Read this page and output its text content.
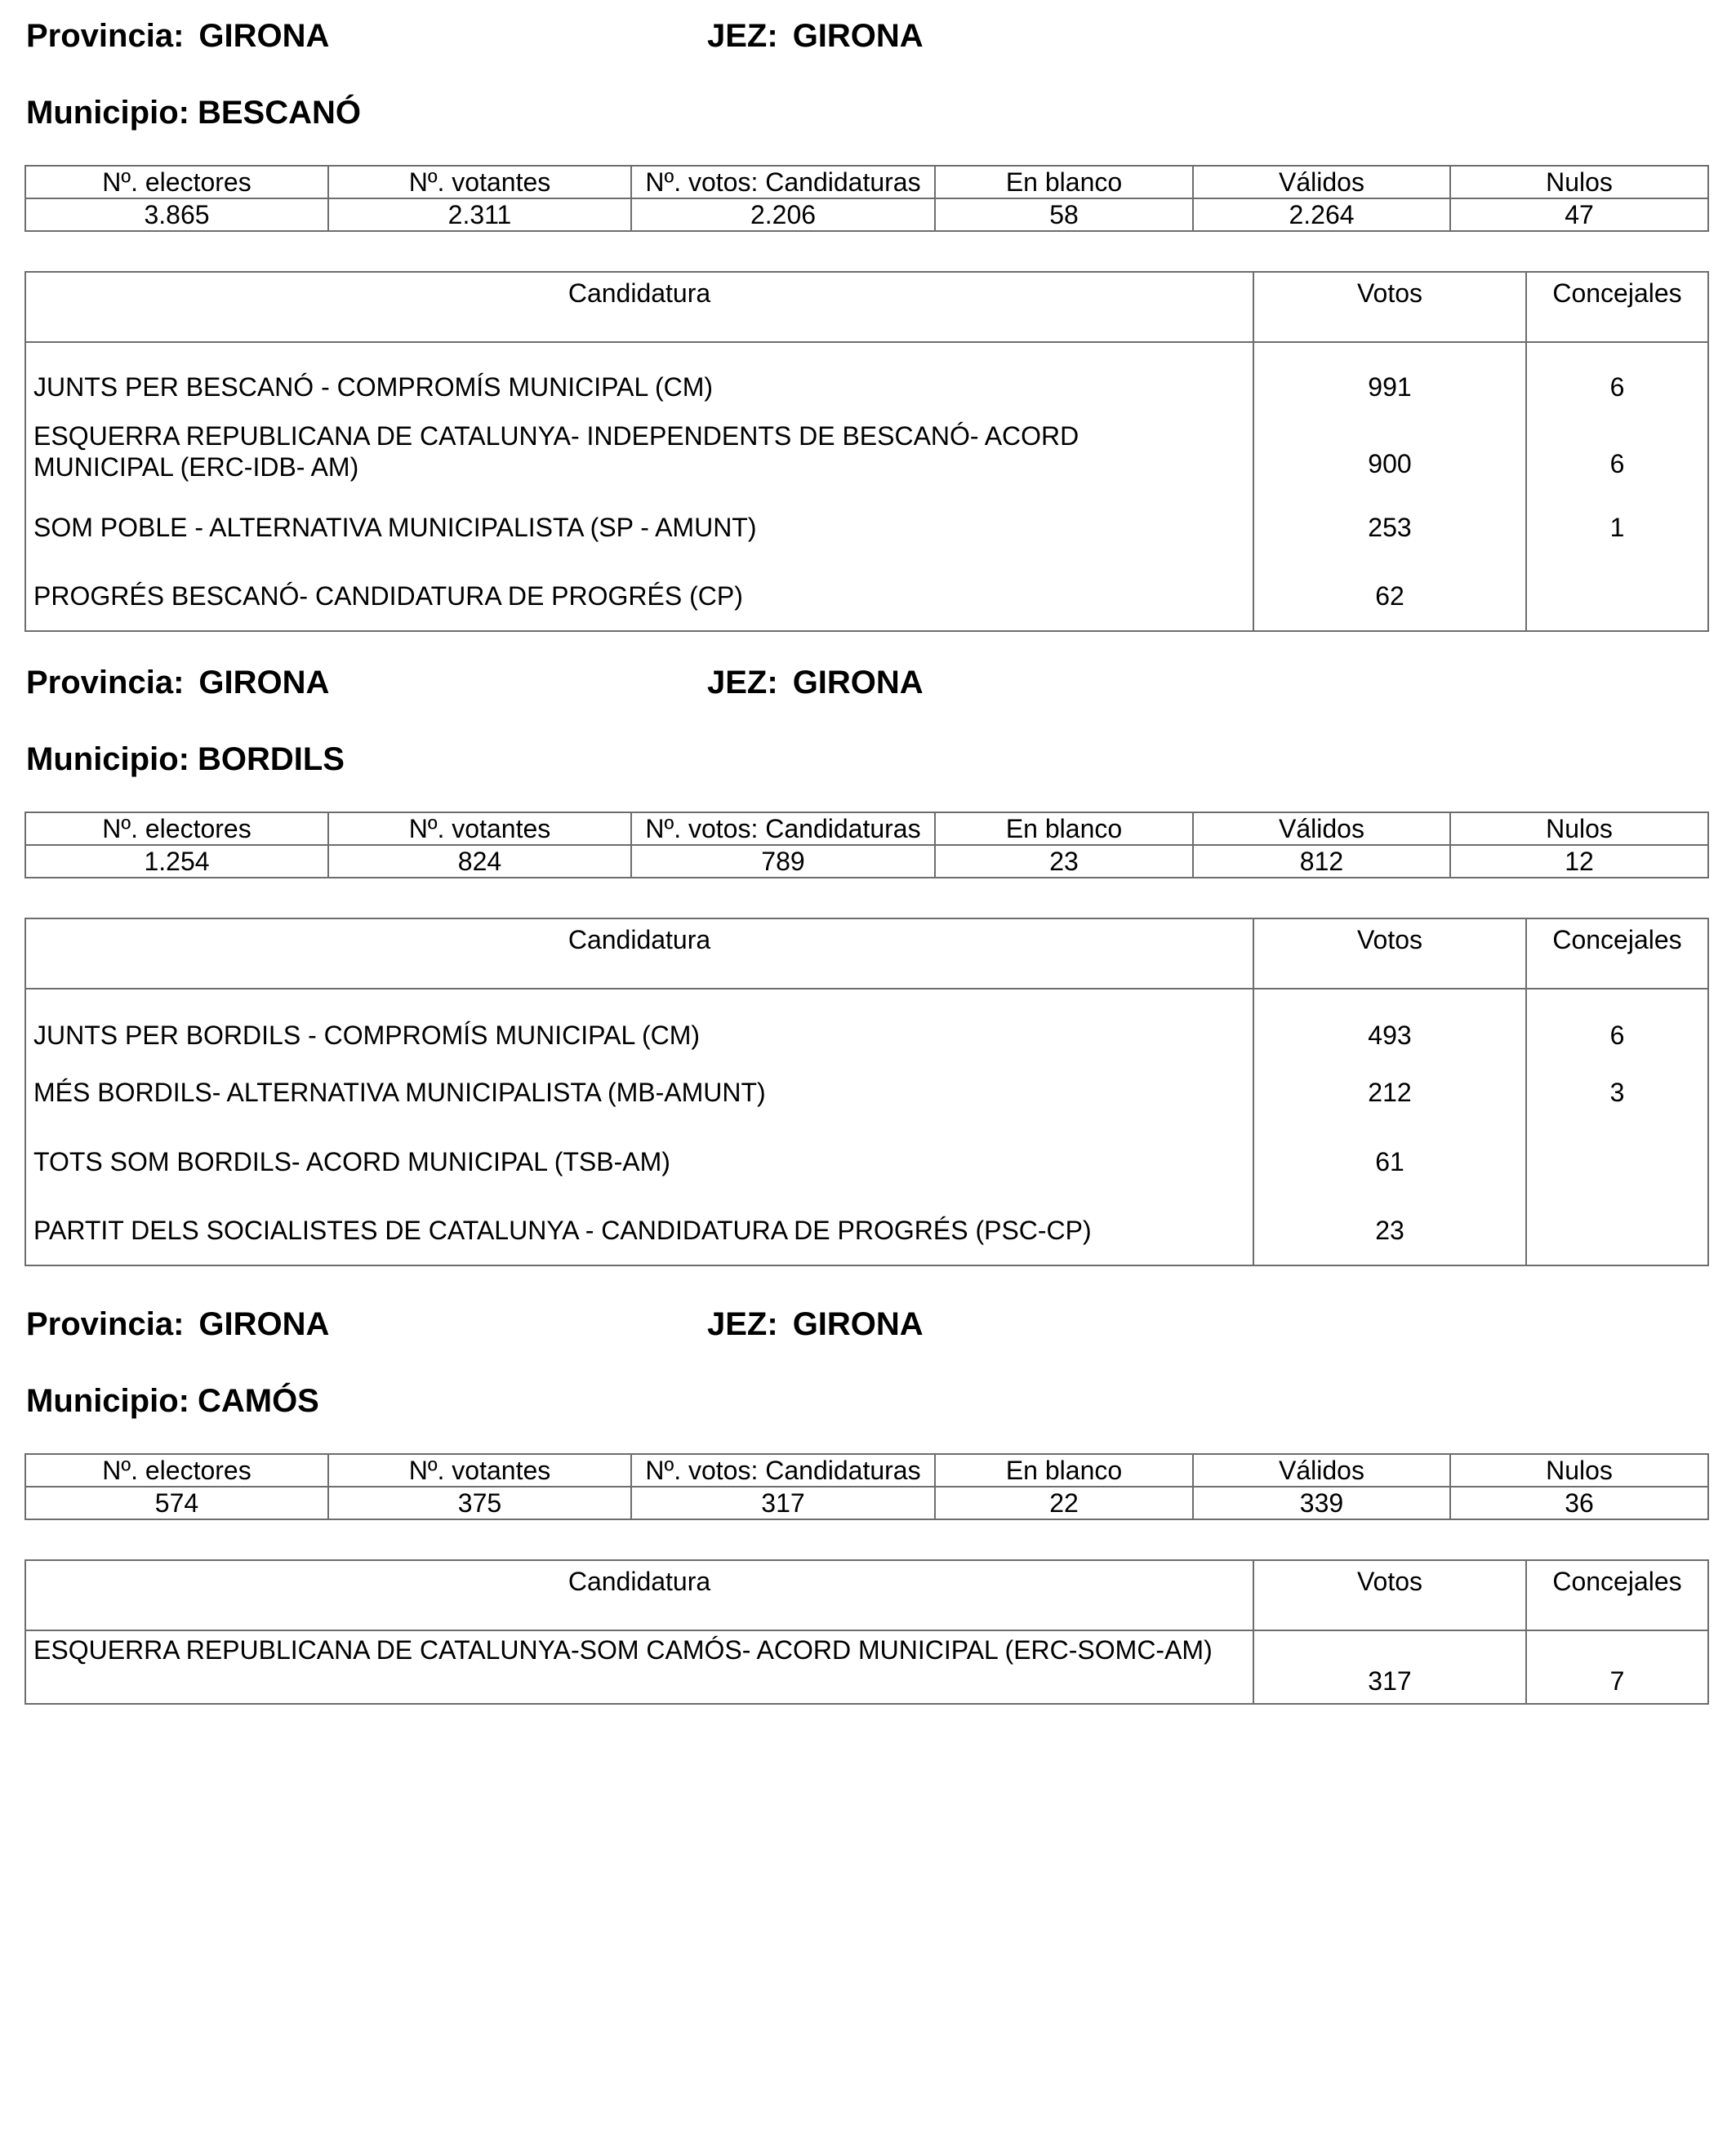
Provincia: GIRONA	JEZ: GIRONA
Municipio: BESCANÓ
Nº. electores	Nº. votantes	Nº. votos: Candidaturas	En blanco	Válidos	Nulos
3.865	2.311	2.206	58	2.264	47
Candidatura	Votos	Concejales
JUNTS PER BESCANÓ - COMPROMÍS MUNICIPAL (CM)	991	6
ESQUERRA REPUBLICANA DE CATALUNYA- INDEPENDENTS DE BESCANÓ- ACORD MUNICIPAL (ERC-IDB- AM)	900	6
SOM POBLE - ALTERNATIVA MUNICIPALISTA (SP - AMUNT)	253	1
PROGRÉS BESCANÓ- CANDIDATURA DE PROGRÉS (CP)	62	
Provincia: GIRONA	JEZ: GIRONA
Municipio: BORDILS
Nº. electores	Nº. votantes	Nº. votos: Candidaturas	En blanco	Válidos	Nulos
1.254	824	789	23	812	12
Candidatura	Votos	Concejales
JUNTS PER BORDILS - COMPROMÍS MUNICIPAL (CM)	493	6
MÉS BORDILS- ALTERNATIVA MUNICIPALISTA (MB-AMUNT)	212	3
TOTS SOM BORDILS- ACORD MUNICIPAL (TSB-AM)	61	
PARTIT DELS SOCIALISTES DE CATALUNYA - CANDIDATURA DE PROGRÉS (PSC-CP)	23	
Provincia: GIRONA	JEZ: GIRONA
Municipio: CAMÓS
Nº. electores	Nº. votantes	Nº. votos: Candidaturas	En blanco	Válidos	Nulos
574	375	317	22	339	36
Candidatura	Votos	Concejales
ESQUERRA REPUBLICANA DE CATALUNYA-SOM CAMÓS- ACORD MUNICIPAL (ERC-SOMC-AM)	317	7
